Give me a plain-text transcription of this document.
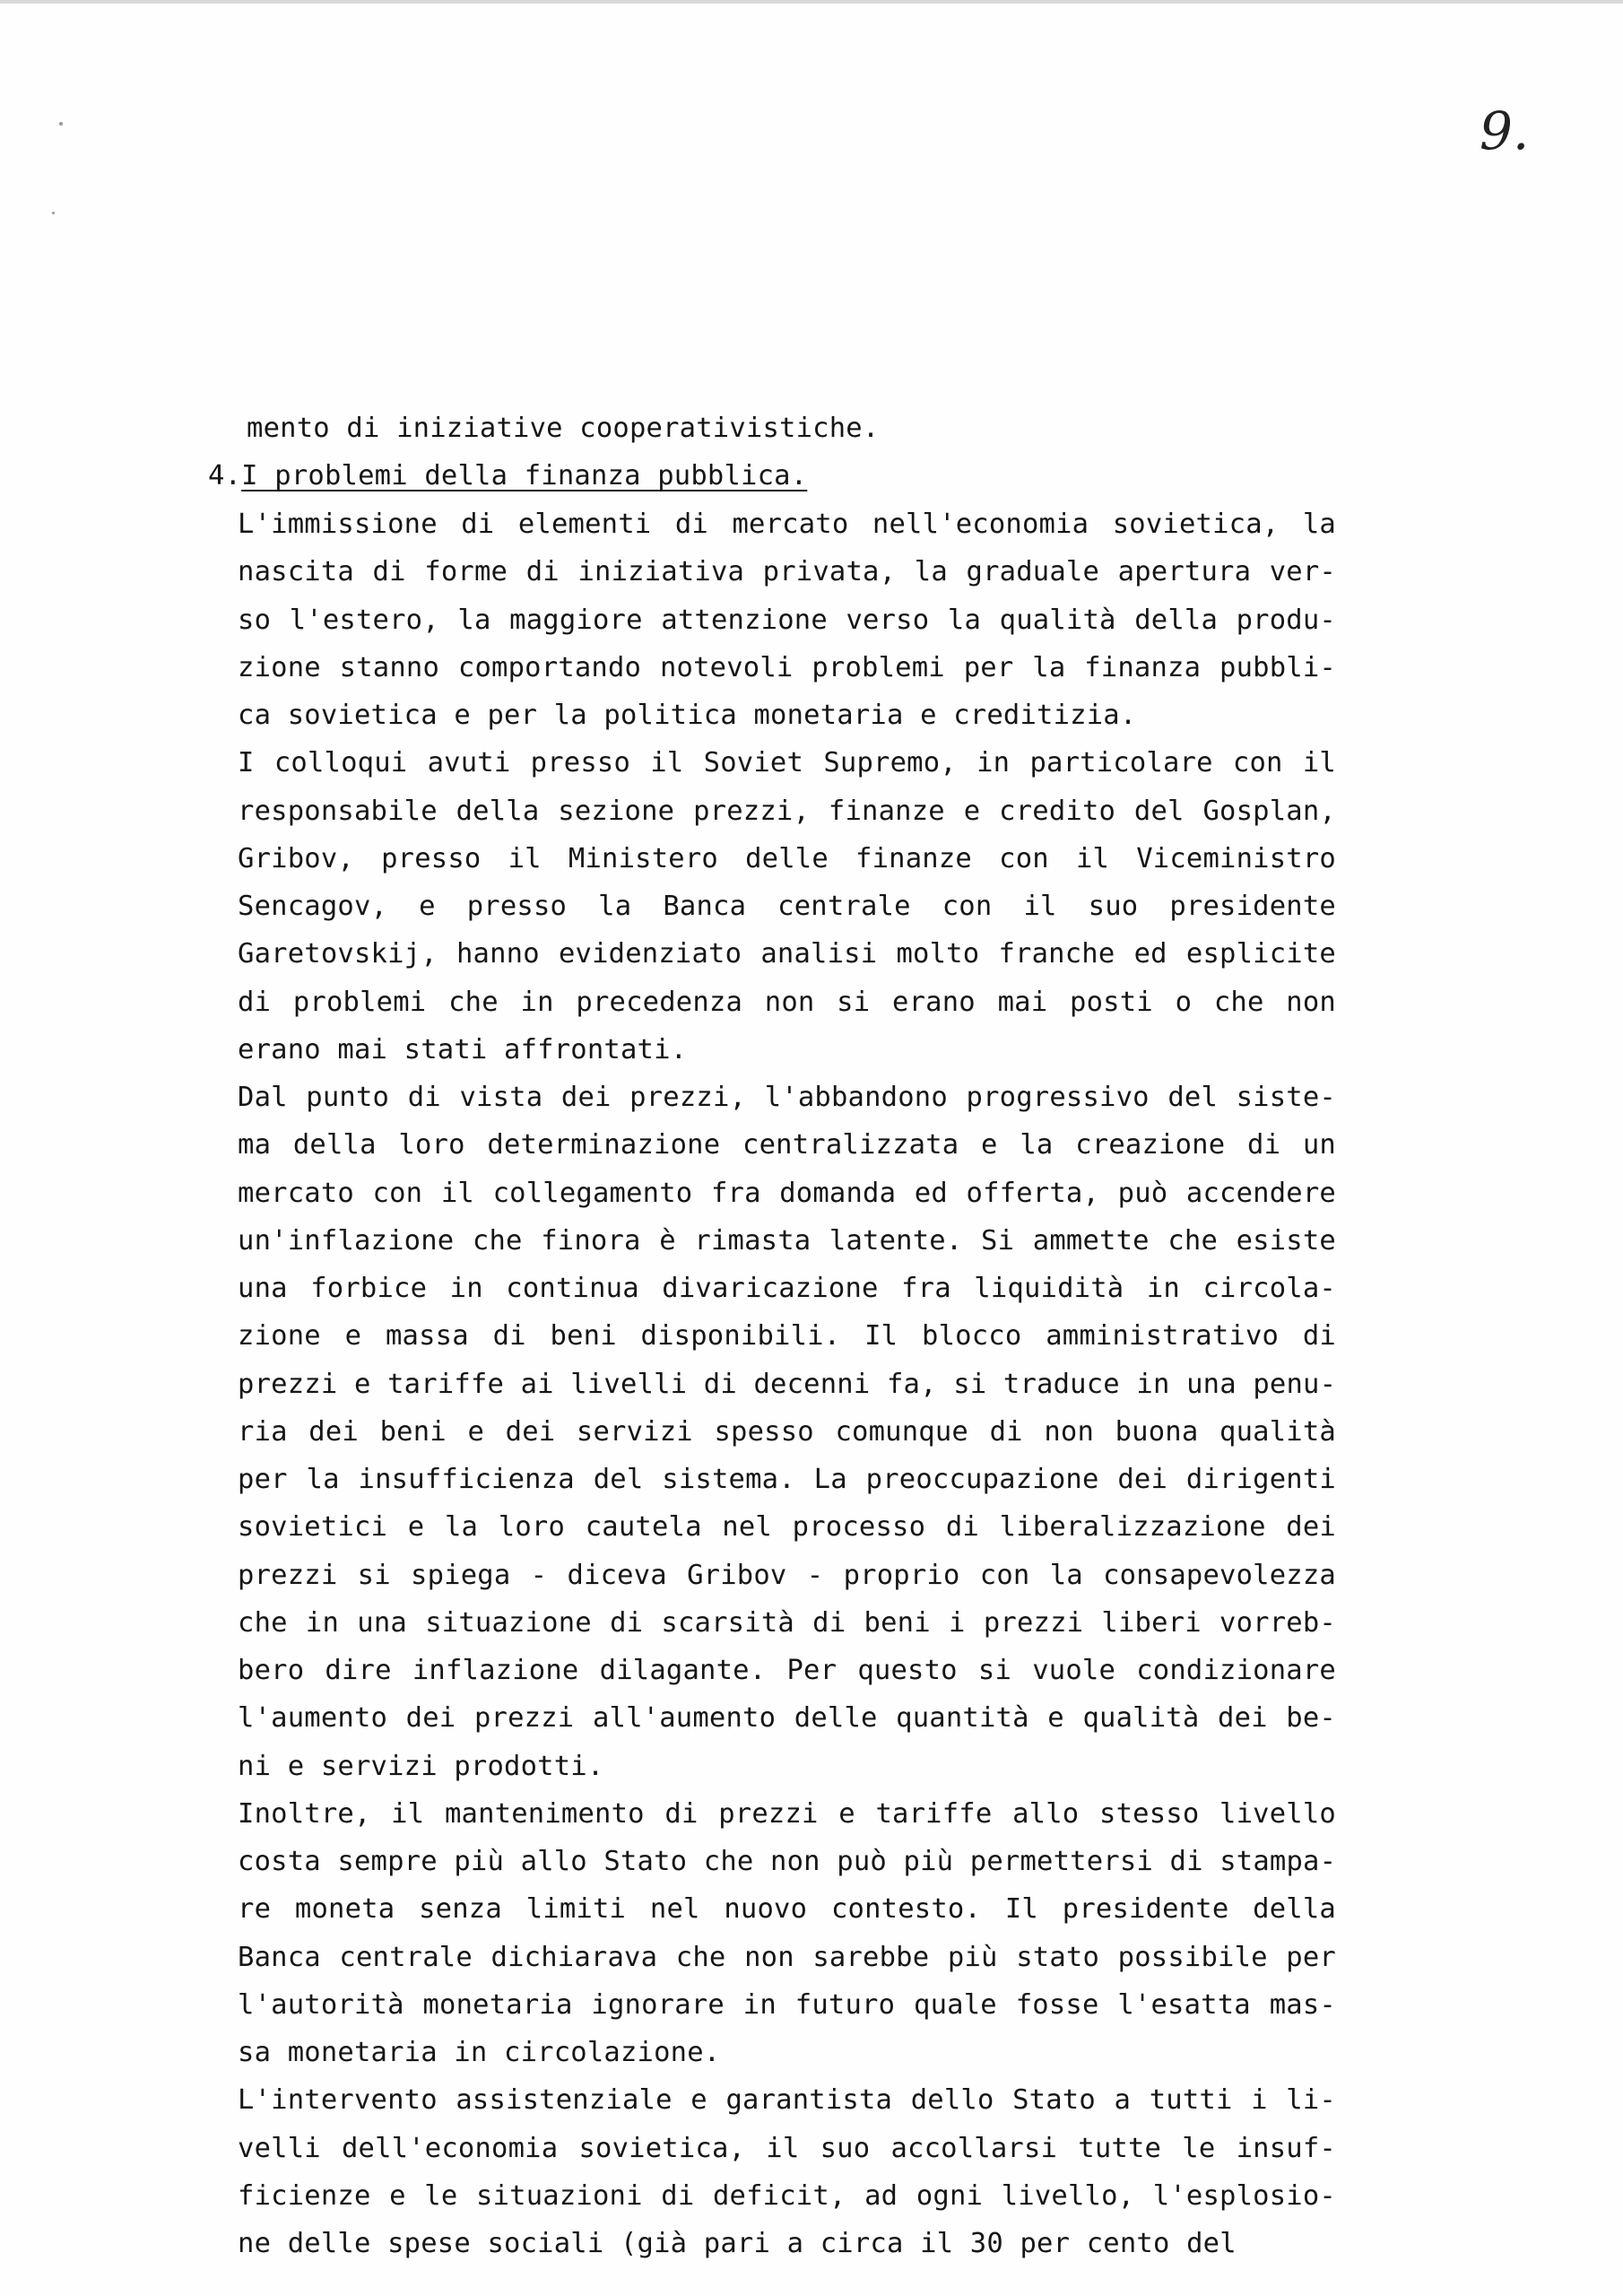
9.
mento di iniziative cooperativistiche.
4.I problemi della finanza pubblica.
L'immissione di elementi di mercato nell'economia sovietica, la
nascita di forme di iniziativa privata, la graduale apertura ver-
so l'estero, la maggiore attenzione verso la qualità della produ-
zione stanno comportando notevoli problemi per la finanza pubbli-
ca sovietica e per la politica monetaria e creditizia.
I colloqui avuti presso il Soviet Supremo, in particolare con il
responsabile della sezione prezzi, finanze e credito del Gosplan,
Gribov, presso il Ministero delle finanze con il Viceministro
Sencagov, e presso la Banca centrale con il suo presidente
Garetovskij, hanno evidenziato analisi molto franche ed esplicite
di problemi che in precedenza non si erano mai posti o che non
erano mai stati affrontati.
Dal punto di vista dei prezzi, l'abbandono progressivo del siste-
ma della loro determinazione centralizzata e la creazione di un
mercato con il collegamento fra domanda ed offerta, può accendere
un'inflazione che finora è rimasta latente. Si ammette che esiste
una forbice in continua divaricazione fra liquidità in circola-
zione e massa di beni disponibili. Il blocco amministrativo di
prezzi e tariffe ai livelli di decenni fa, si traduce in una penu-
ria dei beni e dei servizi spesso comunque di non buona qualità
per la insufficienza del sistema. La preoccupazione dei dirigenti
sovietici e la loro cautela nel processo di liberalizzazione dei
prezzi si spiega - diceva Gribov - proprio con la consapevolezza
che in una situazione di scarsità di beni i prezzi liberi vorreb-
bero dire inflazione dilagante. Per questo si vuole condizionare
l'aumento dei prezzi all'aumento delle quantità e qualità dei be-
ni e servizi prodotti.
Inoltre, il mantenimento di prezzi e tariffe allo stesso livello
costa sempre più allo Stato che non può più permettersi di stampa-
re moneta senza limiti nel nuovo contesto. Il presidente della
Banca centrale dichiarava che non sarebbe più stato possibile per
l'autorità monetaria ignorare in futuro quale fosse l'esatta mas-
sa monetaria in circolazione.
L'intervento assistenziale e garantista dello Stato a tutti i li-
velli dell'economia sovietica, il suo accollarsi tutte le insuf-
ficienze e le situazioni di deficit, ad ogni livello, l'esplosio-
ne delle spese sociali (già pari a circa il 30 per cento del
